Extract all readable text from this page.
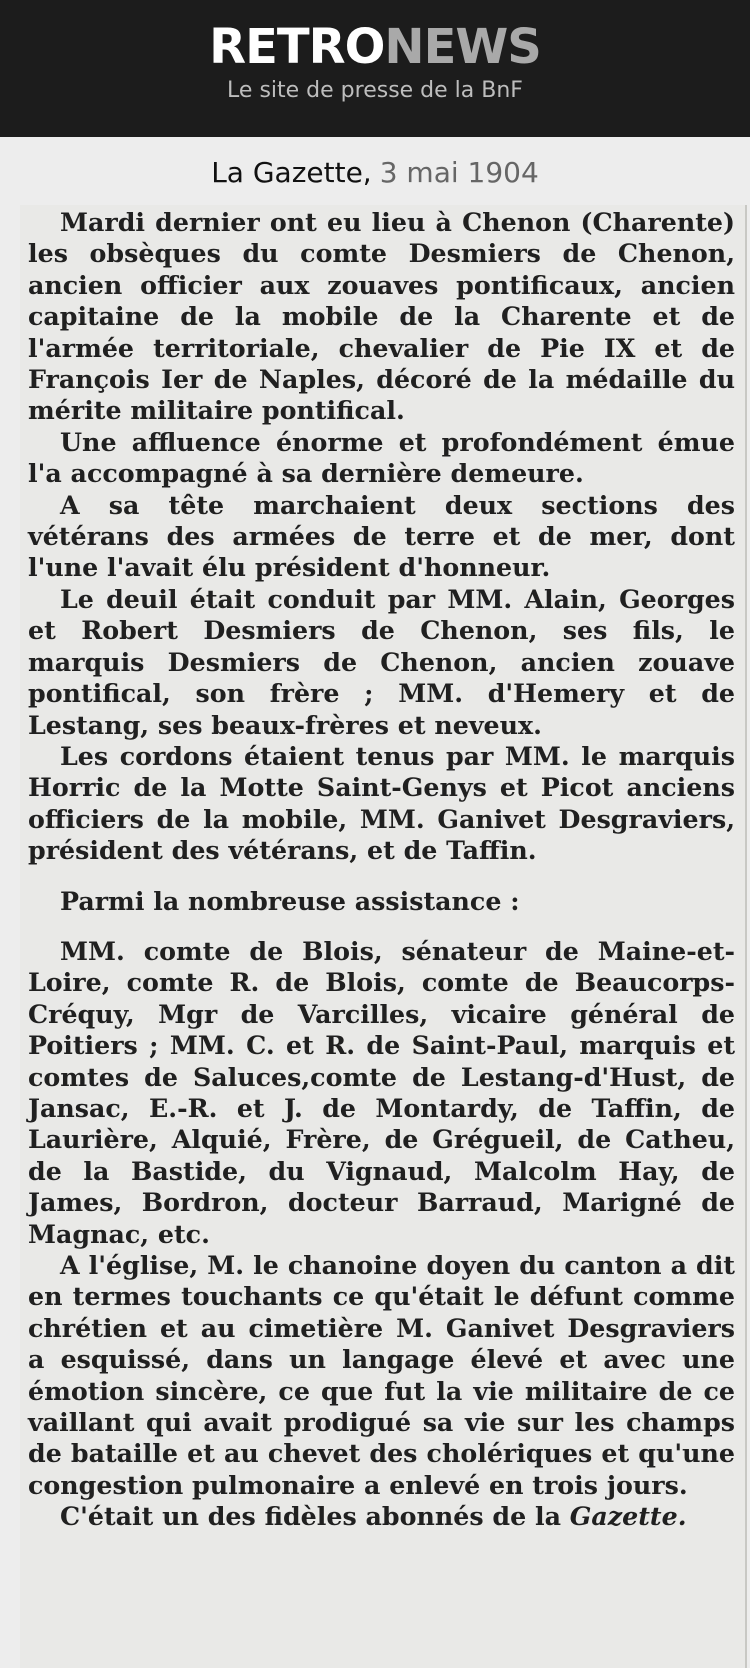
RETRONEWS
Le site de presse de la BnF
La Gazette, 3 mai 1904

Mardi dernier ont eu lieu à Chenon (Charente) les obsèques du comte Desmiers de Chenon, ancien officier aux zouaves pontificaux, ancien capitaine de la mobile de la Charente et de l'armée territoriale, chevalier de Pie IX et de François Ier de Naples, décoré de la médaille du mérite militaire pontifical.

Une affluence énorme et profondément émue l'a accompagné à sa dernière demeure.

A sa tête marchaient deux sections des vétérans des armées de terre et de mer, dont l'une l'avait élu président d'honneur.

Le deuil était conduit par MM. Alain, Georges et Robert Desmiers de Chenon, ses fils, le marquis Desmiers de Chenon, ancien zouave pontifical, son frère ; MM. d'Hemery et de Lestang, ses beaux-frères et neveux.

Les cordons étaient tenus par MM. le marquis Horric de la Motte Saint-Genys et Picot anciens officiers de la mobile, MM. Ganivet Desgraviers, président des vétérans, et de Taffin.

Parmi la nombreuse assistance :

MM. comte de Blois, sénateur de Maine-et-Loire, comte R. de Blois, comte de Beaucorps-Créquy, Mgr de Varcilles, vicaire général de Poitiers ; MM. C. et R. de Saint-Paul, marquis et comtes de Saluces,comte de Lestang-d'Hust, de Jansac, E.-R. et J. de Montardy, de Taffin, de Laurière, Alquié, Frère, de Grégueil, de Catheu, de la Bastide, du Vignaud, Malcolm Hay, de James, Bordron, docteur Barraud, Marigné de Magnac, etc.

A l'église, M. le chanoine doyen du canton a dit en termes touchants ce qu'était le défunt comme chrétien et au cimetière M. Ganivet Desgraviers a esquissé, dans un langage élevé et avec une émotion sincère, ce que fut la vie militaire de ce vaillant qui avait prodigué sa vie sur les champs de bataille et au chevet des cholériques et qu'une congestion pulmonaire a enlevé en trois jours.

C'était un des fidèles abonnés de la Gazette.
